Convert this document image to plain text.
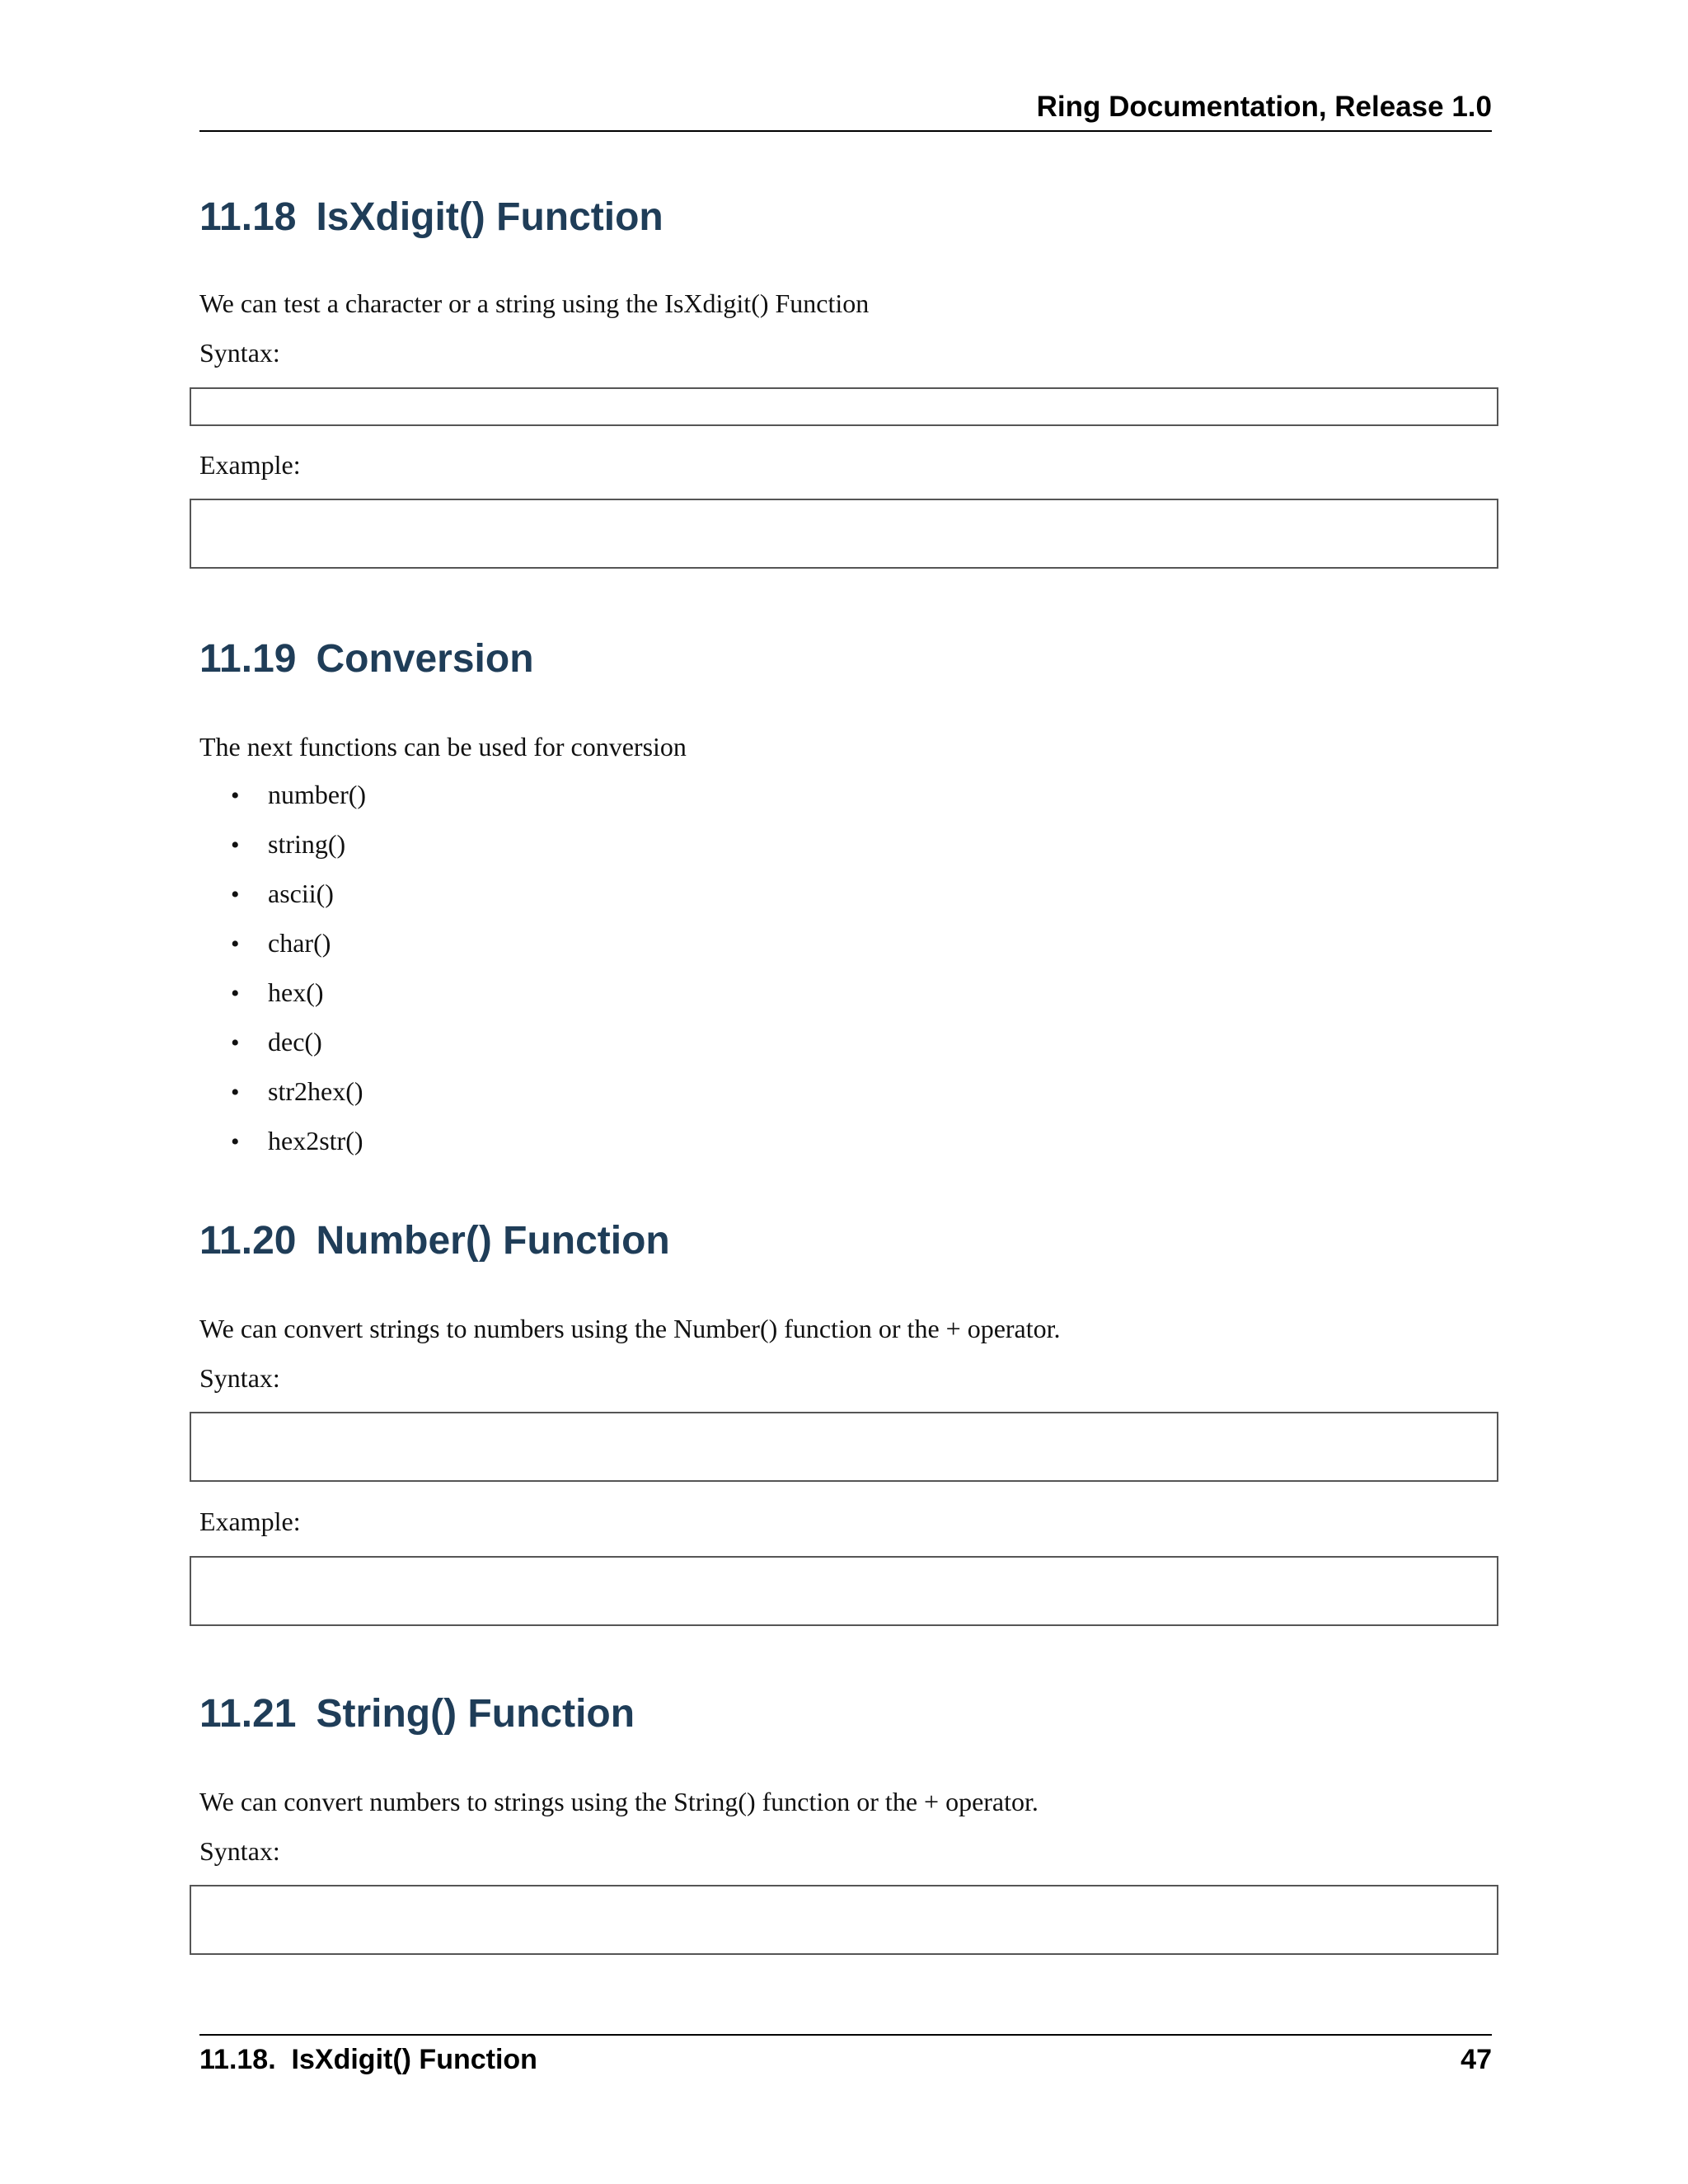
Ring Documentation, Release 1.0
11.18 IsXdigit() Function

We can test a character or a string using the IsXdigit() Function

Syntax:

Example:

11.19 Conversion

The next functions can be used for conversion

• number()
• string()
• ascii()
• char()
• hex()
• dec()
• str2hex()
• hex2str()
11.20 Number() Function

We can convert strings to numbers using the Number() function or the + operator.

Syntax:

Example:

11.21 String() Function

We can convert numbers to strings using the String() function or the + operator.

Syntax:

11.18.  IsXdigit() Function	47
